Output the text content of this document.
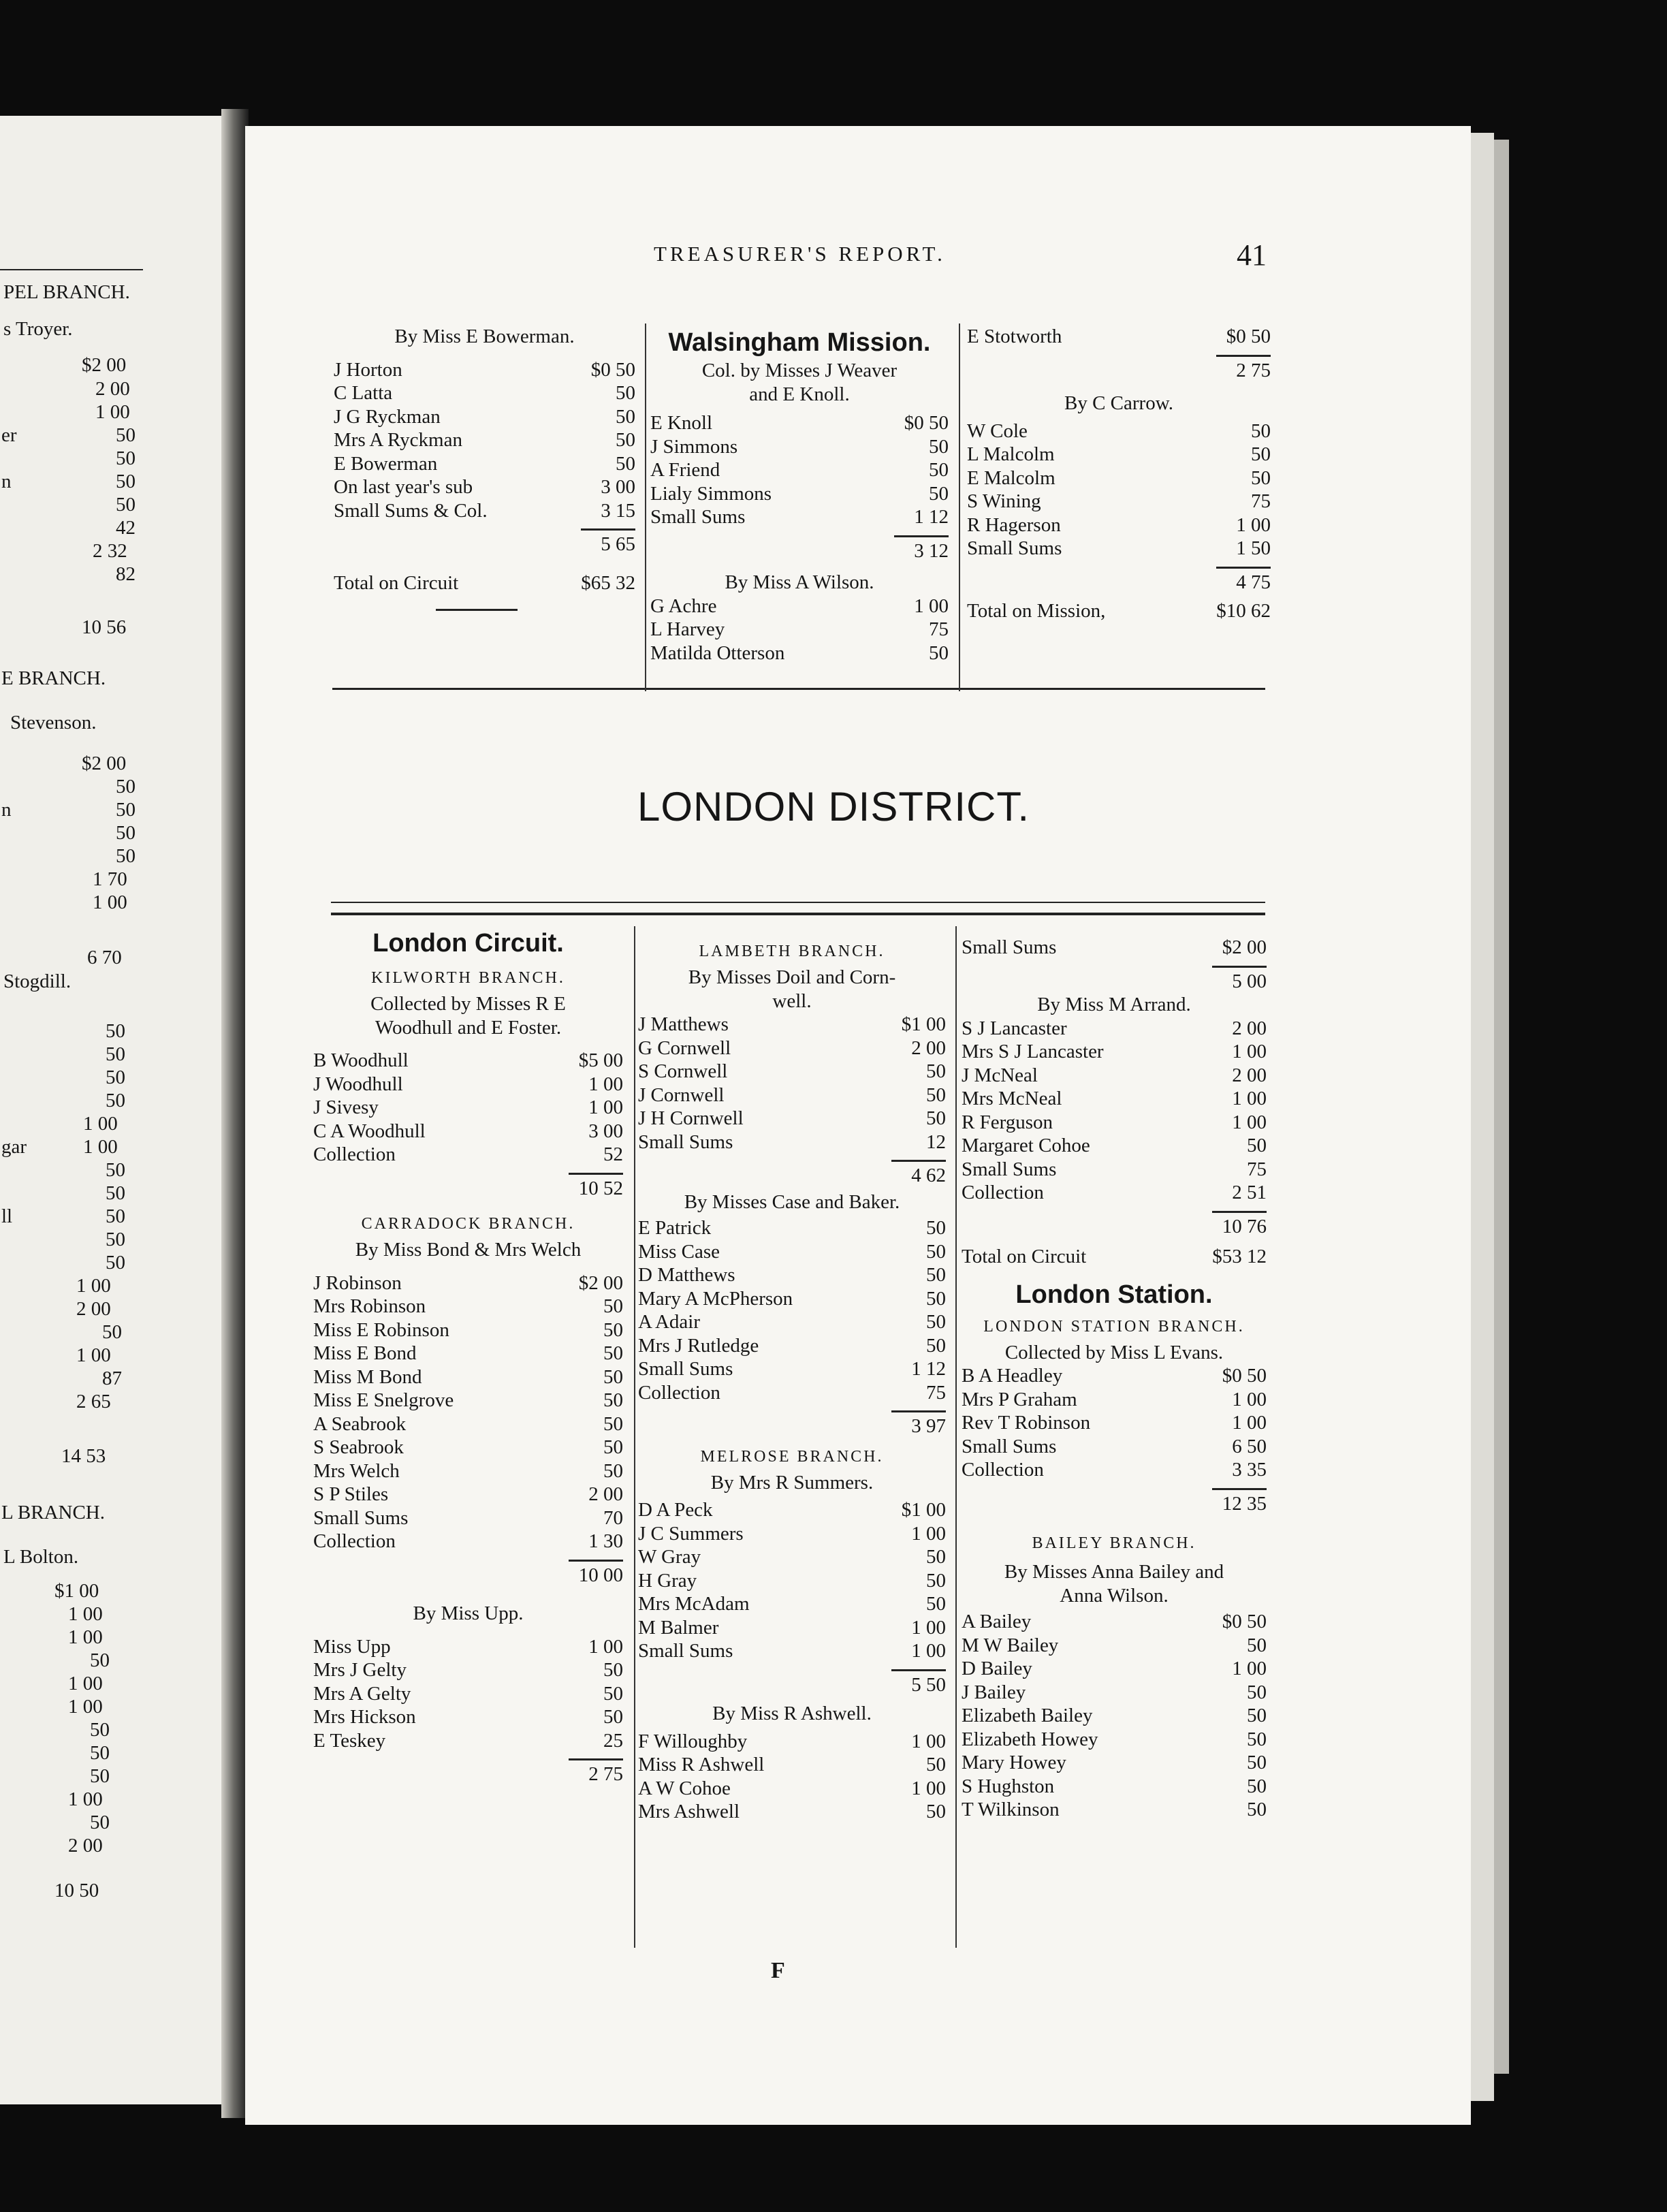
PEL BRANCH.
s Troyer.
$2 00
2 00
1 00
er	50
50
n	50
50
42
2 32
82
10 56
E BRANCH.
Stevenson.
$2 00
50
n	50
50
50
1 70
1 00
6 70
Stogdill.
50
50
50
50
1 00
gar	1 00
50
50
ll	50
50
50
1 00
2 00
50
1 00
87
2 65
14 53
L BRANCH.
L Bolton.
$1 00
1 00
1 00
50
1 00
1 00
50
50
50
1 00
50
2 00
10 50
TREASURER'S REPORT.	41
LONDON DISTRICT.
By Miss E Bowerman.
J Horton	$0 50
C Latta	50
J G Ryckman	50
Mrs A Ryckman	50
E Bowerman	50
On last year's sub	3 00
Small Sums & Col.	3 15
5 65
Total on Circuit	$65 32
Walsingham Mission.
Col. by Misses J Weaver
and E Knoll.
E Knoll	$0 50
J Simmons	50
A Friend	50
Lialy Simmons	50
Small Sums	1 12
3 12
By Miss A Wilson.
G Achre	1 00
L Harvey	75
Matilda Otterson	50
E Stotworth	$0 50
2 75
By C Carrow.
W Cole	50
L Malcolm	50
E Malcolm	50
S Wining	75
R Hagerson	1 00
Small Sums	1 50
4 75
Total on Mission,	$10 62
London Circuit.
KILWORTH BRANCH.
Collected by Misses R E
Woodhull and E Foster.
B Woodhull	$5 00
J Woodhull	1 00
J Sivesy	1 00
C A Woodhull	3 00
Collection	52
10 52
CARRADOCK BRANCH.
By Miss Bond & Mrs Welch
J Robinson	$2 00
Mrs Robinson	50
Miss E Robinson	50
Miss E Bond	50
Miss M Bond	50
Miss E Snelgrove	50
A Seabrook	50
S Seabrook	50
Mrs Welch	50
S P Stiles	2 00
Small Sums	70
Collection	1 30
10 00
By Miss Upp.
Miss Upp	1 00
Mrs J Gelty	50
Mrs A Gelty	50
Mrs Hickson	50
E Teskey	25
2 75
LAMBETH BRANCH.
By Misses Doil and Corn-
well.
J Matthews	$1 00
G Cornwell	2 00
S Cornwell	50
J Cornwell	50
J H Cornwell	50
Small Sums	12
4 62
By Misses Case and Baker.
E Patrick	50
Miss Case	50
D Matthews	50
Mary A McPherson	50
A Adair	50
Mrs J Rutledge	50
Small Sums	1 12
Collection	75
3 97
MELROSE BRANCH.
By Mrs R Summers.
D A Peck	$1 00
J C Summers	1 00
W Gray	50
H Gray	50
Mrs McAdam	50
M Balmer	1 00
Small Sums	1 00
5 50
By Miss R Ashwell.
F Willoughby	1 00
Miss R Ashwell	50
A W Cohoe	1 00
Mrs Ashwell	50
Small Sums	$2 00
5 00
By Miss M Arrand.
S J Lancaster	2 00
Mrs S J Lancaster	1 00
J McNeal	2 00
Mrs McNeal	1 00
R Ferguson	1 00
Margaret Cohoe	50
Small Sums	75
Collection	2 51
10 76
Total on Circuit	$53 12
London Station.
LONDON STATION BRANCH.
Collected by Miss L Evans.
B A Headley	$0 50
Mrs P Graham	1 00
Rev T Robinson	1 00
Small Sums	6 50
Collection	3 35
12 35
BAILEY BRANCH.
By Misses Anna Bailey and
Anna Wilson.
A Bailey	$0 50
M W Bailey	50
D Bailey	1 00
J Bailey	50
Elizabeth Bailey	50
Elizabeth Howey	50
Mary Howey	50
S Hughston	50
T Wilkinson	50
F
